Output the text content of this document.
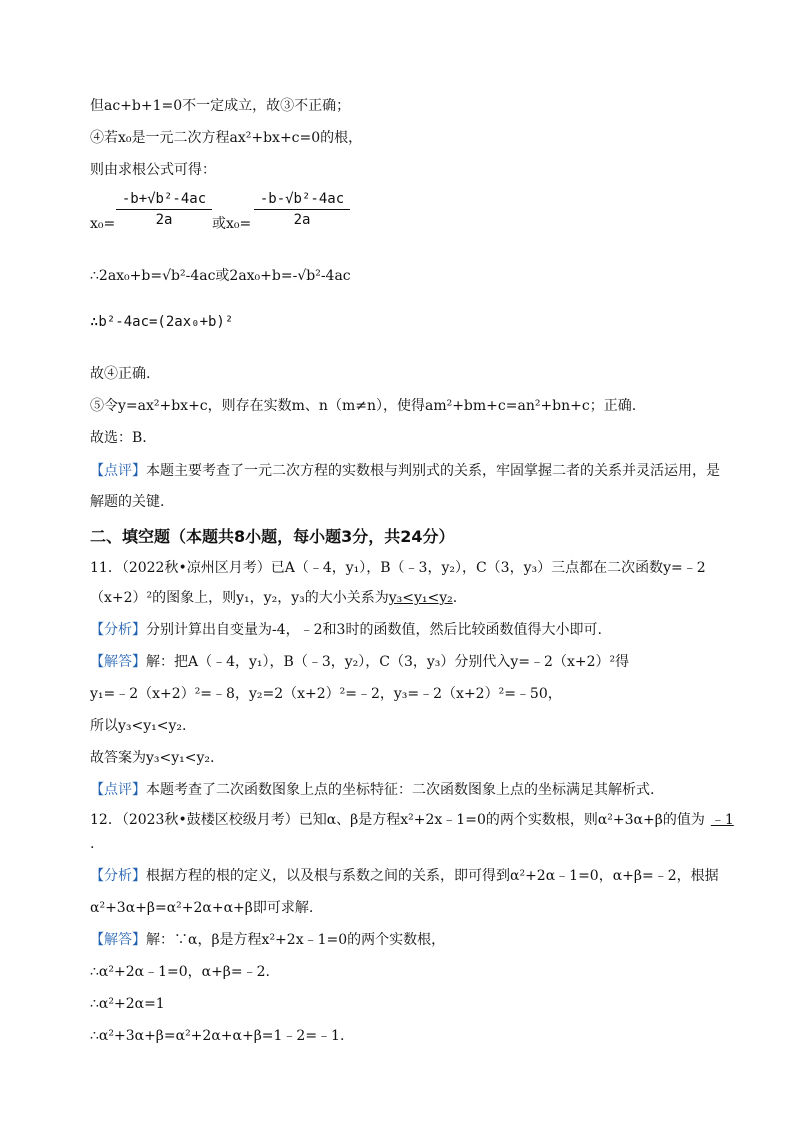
但ac+b+1=0不一定成立，故③不正确；
④若x₀是一元二次方程ax²+bx+c=0的根，
则由求根公式可得：
x₀=
-b+√b²-4ac
2a	或x₀=
-b-√b²-4ac
2a
∴2ax₀+b=√b²-4ac或2ax₀+b=-√b²-4ac
∴b²-4ac=(2ax₀+b)²
故④正确.
⑤令y=ax²+bx+c，则存在实数m、n（m≠n），使得am²+bm+c=an²+bn+c；正确.
故选：B.
【点评】本题主要考查了一元二次方程的实数根与判别式的关系，牢固掌握二者的关系并灵活运用，是
解题的关键.
二、填空题（本题共8小题，每小题3分，共24分）
11．（2022秋•凉州区月考）已A（﹣4，y₁），B（﹣3，y₂），C（3，y₃）三点都在二次函数y=﹣2
（x+2）²的图象上，则y₁，y₂，y₃的大小关系为y₃<y₁<y₂.
【分析】分别计算出自变量为-4，﹣2和3时的函数值，然后比较函数值得大小即可.
【解答】解：把A（﹣4，y₁），B（﹣3，y₂），C（3，y₃）分别代入y=﹣2（x+2）²得
y₁=﹣2（x+2）²=﹣8，y₂=2（x+2）²=﹣2，y₃=﹣2（x+2）²=﹣50，
所以y₃<y₁<y₂.
故答案为y₃<y₁<y₂.
【点评】本题考查了二次函数图象上点的坐标特征：二次函数图象上点的坐标满足其解析式.
12．（2023秋•鼓楼区校级月考）已知α、β是方程x²+2x﹣1=0的两个实数根，则α²+3α+β的值为 ﹣1
.
【分析】根据方程的根的定义，以及根与系数之间的关系，即可得到α²+2α﹣1=0，α+β=﹣2，根据
α²+3α+β=α²+2α+α+β即可求解.
【解答】解：∵α，β是方程x²+2x﹣1=0的两个实数根，
∴α²+2α﹣1=0，α+β=﹣2.
∴α²+2α=1
∴α²+3α+β=α²+2α+α+β=1﹣2=﹣1.
